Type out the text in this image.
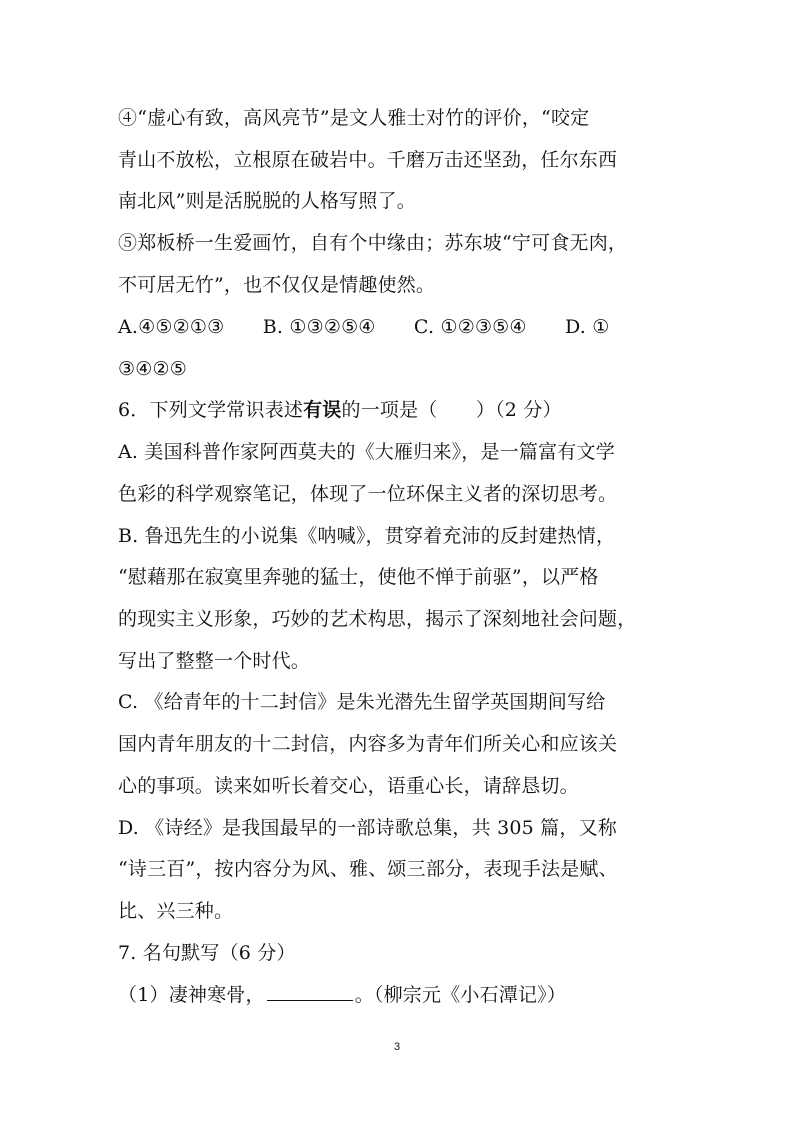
④“虚心有致，高风亮节”是文人雅士对竹的评价，“咬定
青山不放松，立根原在破岩中。千磨万击还坚劲，任尔东西
南北风”则是活脱脱的人格写照了。
⑤郑板桥一生爱画竹，自有个中缘由；苏东坡“宁可食无肉，
不可居无竹”，也不仅仅是情趣使然。
A.④⑤②①③　　B. ①③②⑤④　　C. ①②③⑤④　　D. ①
③④②⑤
6．下列文学常识表述有误的一项是（　　）（2 分）
A. 美国科普作家阿西莫夫的《大雁归来》，是一篇富有文学
色彩的科学观察笔记，体现了一位环保主义者的深切思考。
B. 鲁迅先生的小说集《呐喊》，贯穿着充沛的反封建热情，
“慰藉那在寂寞里奔驰的猛士，使他不惮于前驱”，以严格
的现实主义形象，巧妙的艺术构思，揭示了深刻地社会问题，
写出了整整一个时代。
C. 《给青年的十二封信》是朱光潜先生留学英国期间写给
国内青年朋友的十二封信，内容多为青年们所关心和应该关
心的事项。读来如听长着交心，语重心长，请辞恳切。
D. 《诗经》是我国最早的一部诗歌总集，共 305 篇，又称
“诗三百”，按内容分为风、雅、颂三部分，表现手法是赋、
比、兴三种。
7. 名句默写（6 分）
（1）凄神寒骨，	。（柳宗元《小石潭记》）
3
